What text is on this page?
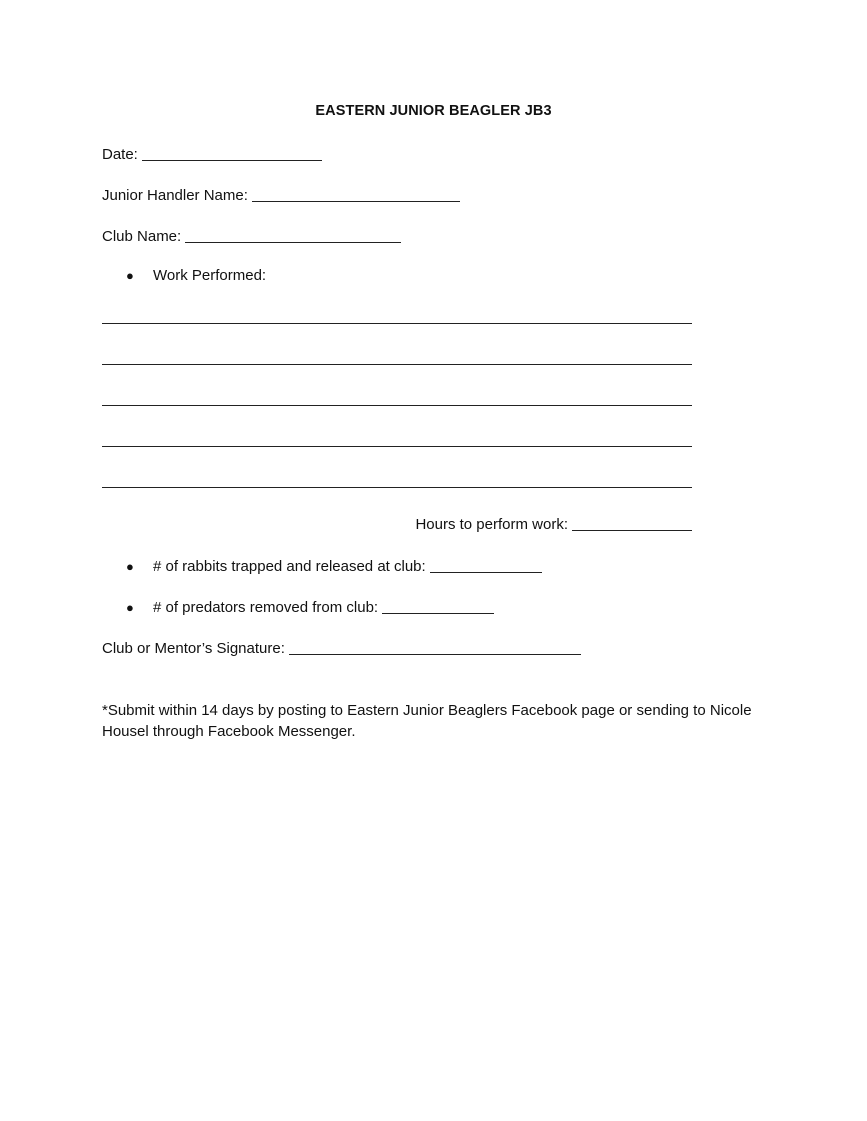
EASTERN JUNIOR BEAGLER JB3
Date:
Junior Handler Name:
Club Name:
● Work Performed:
Hours to perform work:
● # of rabbits trapped and released at club:
● # of predators removed from club:
Club or Mentor’s Signature:
*Submit within 14 days by posting to Eastern Junior Beaglers Facebook page or sending to Nicole Housel through Facebook Messenger.
